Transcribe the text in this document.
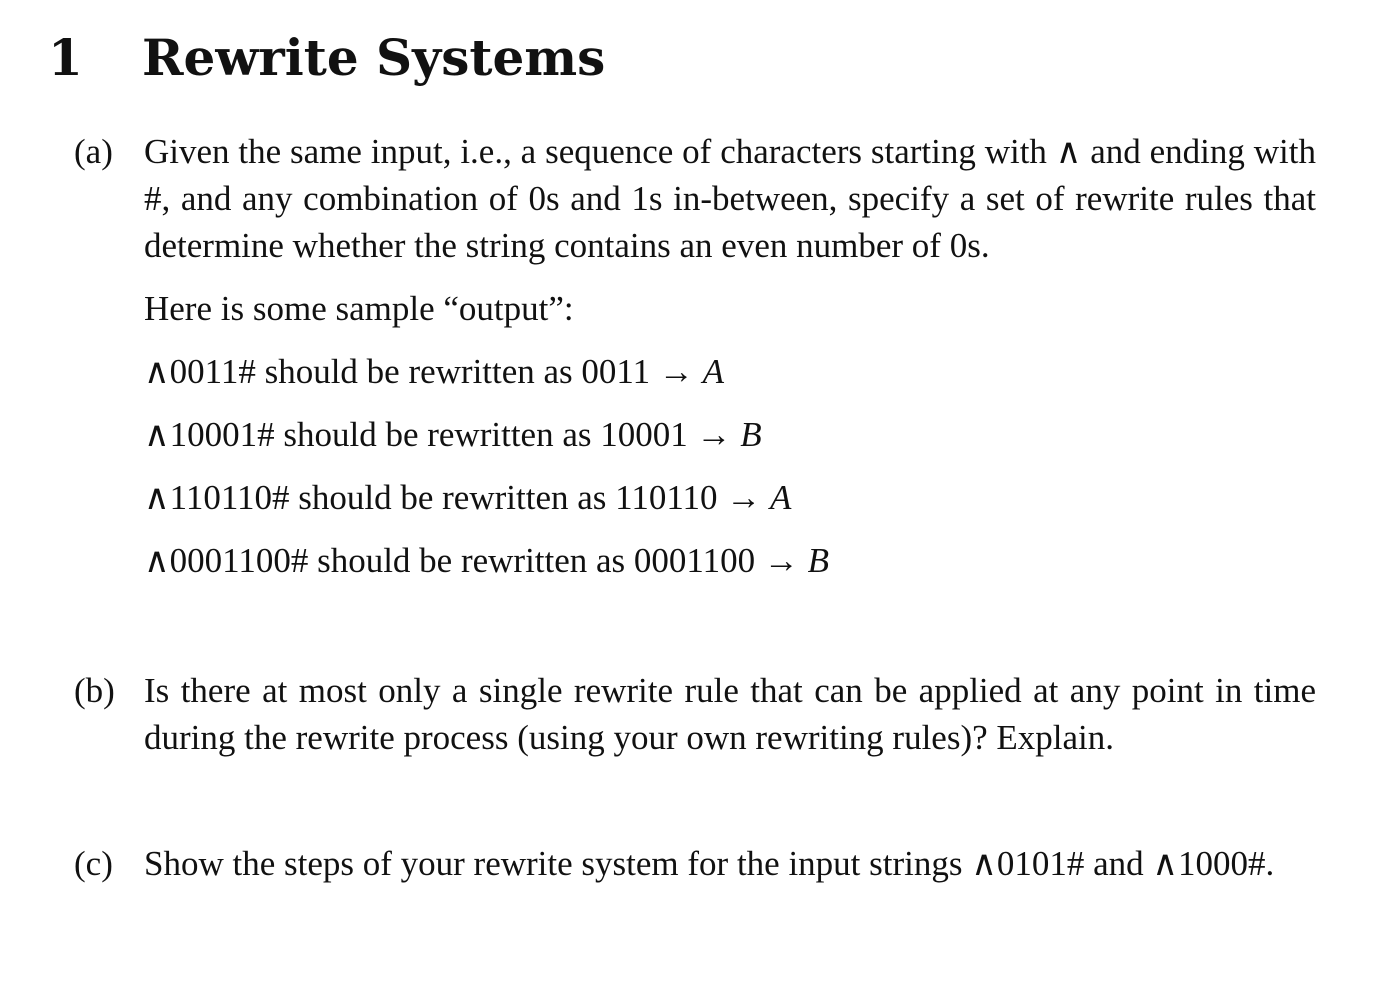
1 Rewrite Systems
(a) Given the same input, i.e., a sequence of characters starting with ∧ and ending with #, and any combination of 0s and 1s in-between, specify a set of rewrite rules that determine whether the string contains an even number of 0s.

Here is some sample “output”:

∧0011# should be rewritten as 0011 → A

∧10001# should be rewritten as 10001 → B

∧110110# should be rewritten as 110110 → A

∧0001100# should be rewritten as 0001100 → B

(b) Is there at most only a single rewrite rule that can be applied at any point in time during the rewrite process (using your own rewriting rules)? Explain.

(c) Show the steps of your rewrite system for the input strings ∧0101# and ∧1000#.
